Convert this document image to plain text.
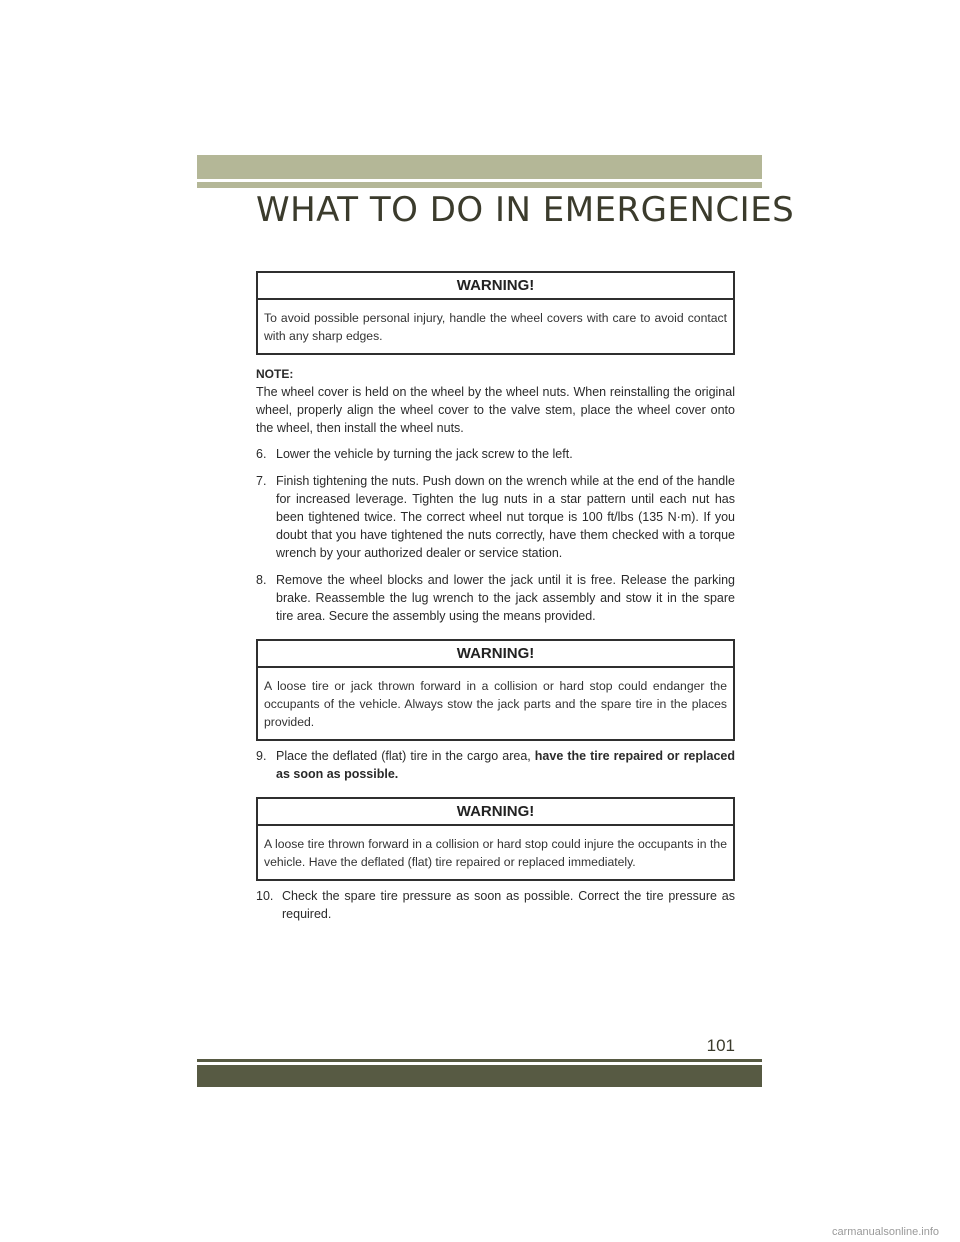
WHAT TO DO IN EMERGENCIES
WARNING!
To avoid possible personal injury, handle the wheel covers with care to avoid contact with any sharp edges.
NOTE:

The wheel cover is held on the wheel by the wheel nuts. When reinstalling the original wheel, properly align the wheel cover to the valve stem, place the wheel cover onto the wheel, then install the wheel nuts.

6. Lower the vehicle by turning the jack screw to the left.
7. Finish tightening the nuts. Push down on the wrench while at the end of the handle for increased leverage. Tighten the lug nuts in a star pattern until each nut has been tightened twice. The correct wheel nut torque is 100 ft/lbs (135 N·m). If you doubt that you have tightened the nuts correctly, have them checked with a torque wrench by your authorized dealer or service station.
8. Remove the wheel blocks and lower the jack until it is free. Release the parking brake. Reassemble the lug wrench to the jack assembly and stow it in the spare tire area. Secure the assembly using the means provided.
WARNING!
A loose tire or jack thrown forward in a collision or hard stop could endanger the occupants of the vehicle. Always stow the jack parts and the spare tire in the places provided.
9. Place the deflated (flat) tire in the cargo area, have the tire repaired or replaced as soon as possible.
WARNING!
A loose tire thrown forward in a collision or hard stop could injure the occupants in the vehicle. Have the deflated (flat) tire repaired or replaced immediately.
10. Check the spare tire pressure as soon as possible. Correct the tire pressure as required.
101
carmanualsonline.info
